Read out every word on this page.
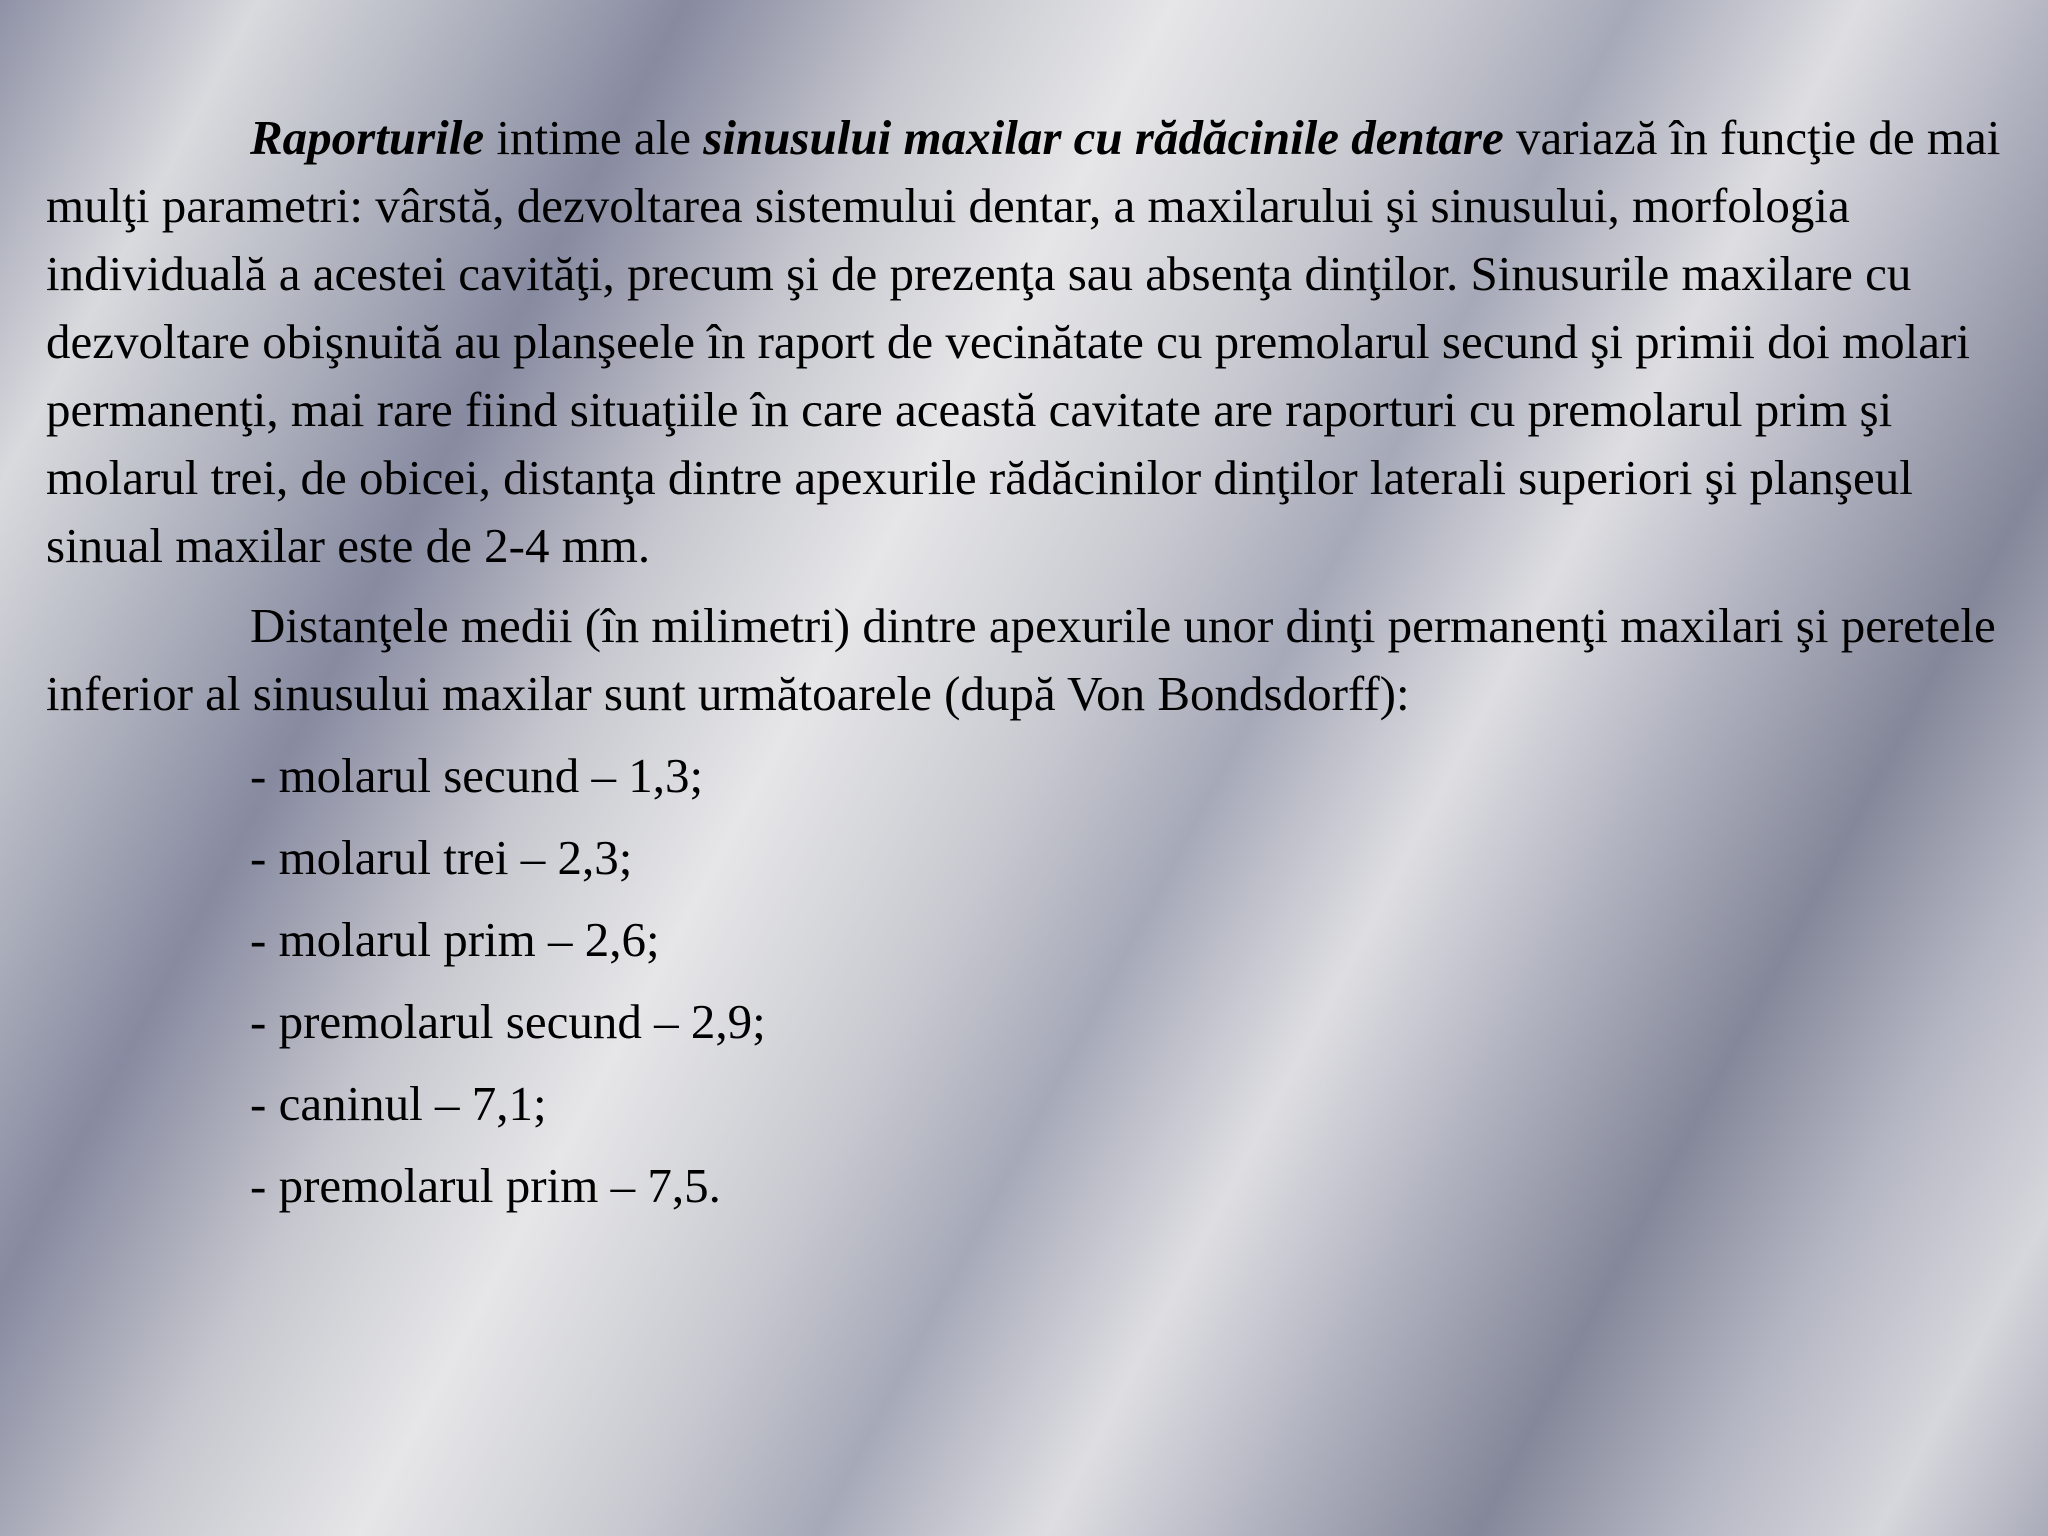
Raporturile intime ale sinusului maxilar cu rădăcinile dentare variază în funcţie de mai mulţi parametri: vârstă, dezvoltarea sistemului dentar, a maxilarului şi sinusului, morfologia individuală a acestei cavităţi, precum şi de prezenţa sau absenţa dinţilor. Sinusurile maxilare cu dezvoltare obişnuită au planşeele în raport de vecinătate cu premolarul secund şi primii doi molari permanenţi, mai rare fiind situaţiile în care această cavitate are raporturi cu premolarul prim şi molarul trei, de obicei, distanţa dintre apexurile rădăcinilor dinţilor laterali superiori şi planşeul sinual maxilar este de 2-4 mm.

Distanţele medii (în milimetri) dintre apexurile unor dinţi permanenţi maxilari şi peretele inferior al sinusului maxilar sunt următoarele (după Von Bondsdorff):

- molarul secund – 1,3;
- molarul trei – 2,3;
- molarul prim – 2,6;
- premolarul secund – 2,9;
- caninul – 7,1;
- premolarul prim – 7,5.
